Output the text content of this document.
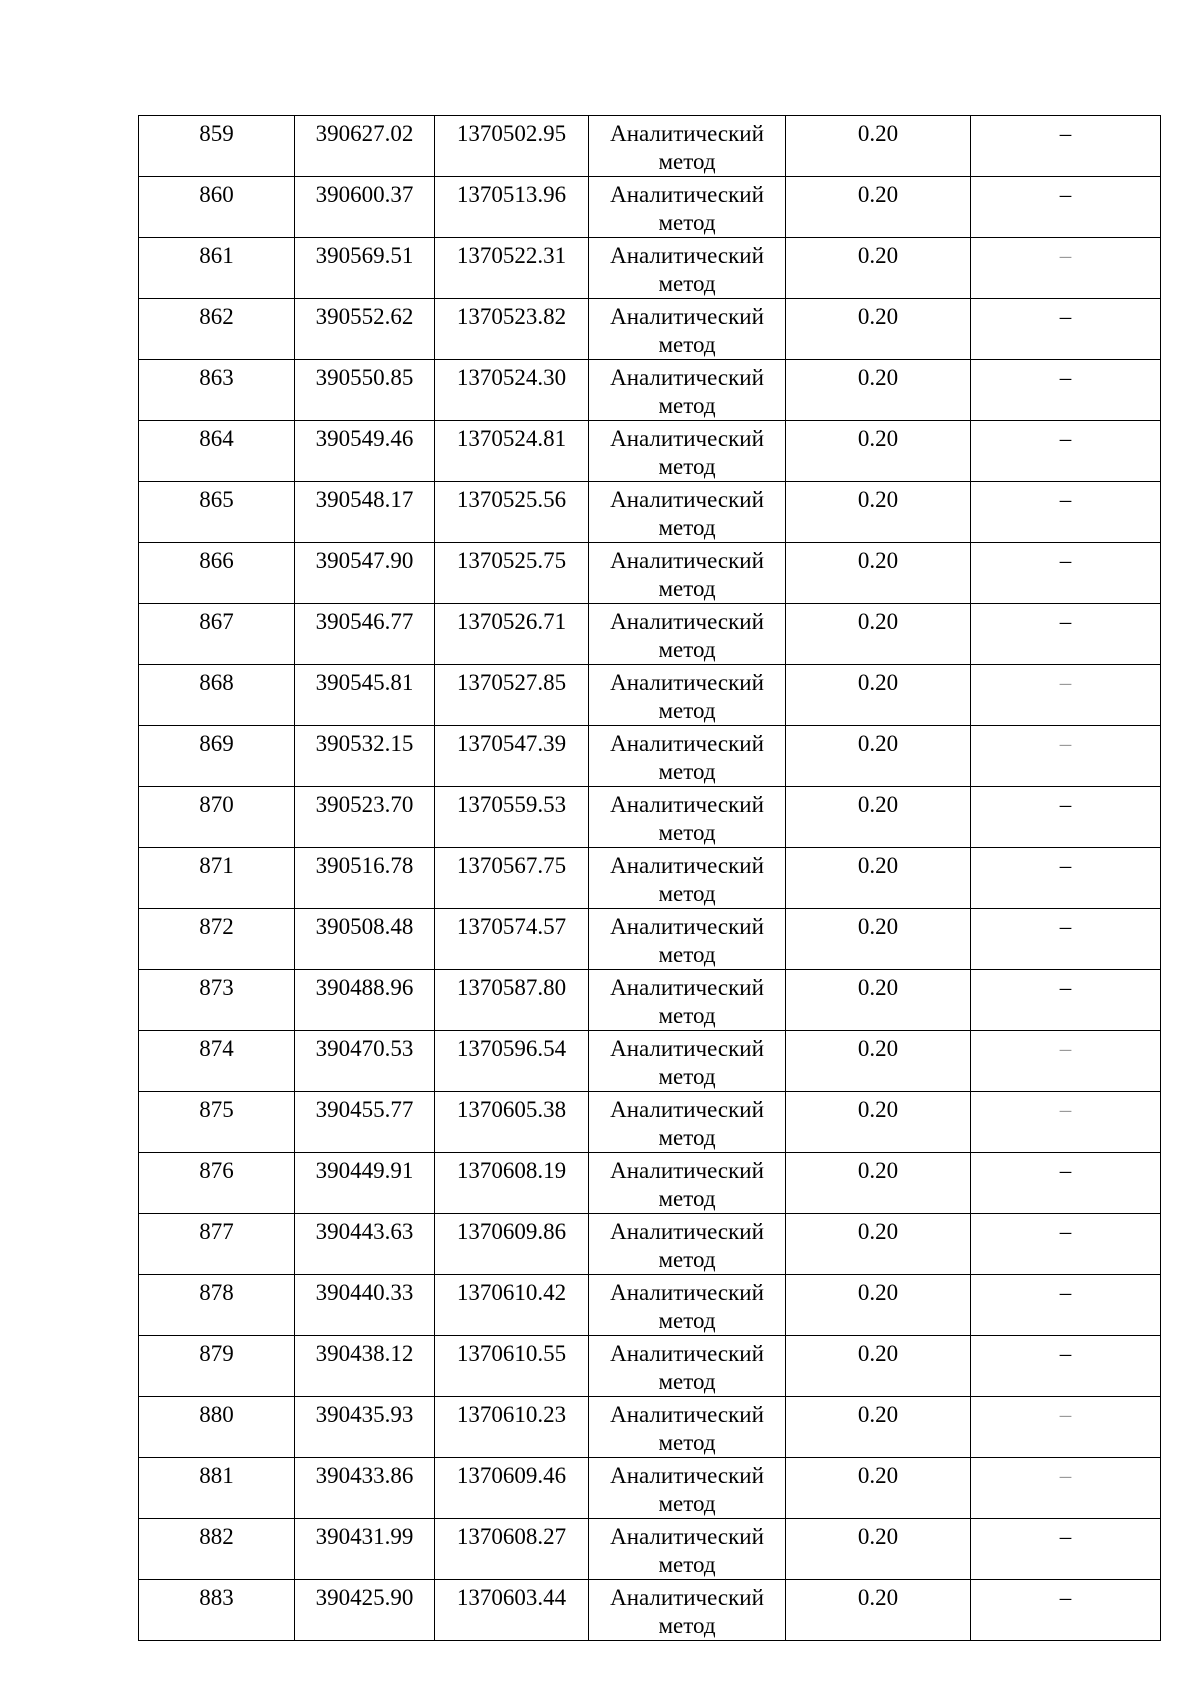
859	390627.02	1370502.95	Аналитический
метод	0.20	–
860	390600.37	1370513.96	Аналитический
метод	0.20	–
861	390569.51	1370522.31	Аналитический
метод	0.20	–
862	390552.62	1370523.82	Аналитический
метод	0.20	–
863	390550.85	1370524.30	Аналитический
метод	0.20	–
864	390549.46	1370524.81	Аналитический
метод	0.20	–
865	390548.17	1370525.56	Аналитический
метод	0.20	–
866	390547.90	1370525.75	Аналитический
метод	0.20	–
867	390546.77	1370526.71	Аналитический
метод	0.20	–
868	390545.81	1370527.85	Аналитический
метод	0.20	–
869	390532.15	1370547.39	Аналитический
метод	0.20	–
870	390523.70	1370559.53	Аналитический
метод	0.20	–
871	390516.78	1370567.75	Аналитический
метод	0.20	–
872	390508.48	1370574.57	Аналитический
метод	0.20	–
873	390488.96	1370587.80	Аналитический
метод	0.20	–
874	390470.53	1370596.54	Аналитический
метод	0.20	–
875	390455.77	1370605.38	Аналитический
метод	0.20	–
876	390449.91	1370608.19	Аналитический
метод	0.20	–
877	390443.63	1370609.86	Аналитический
метод	0.20	–
878	390440.33	1370610.42	Аналитический
метод	0.20	–
879	390438.12	1370610.55	Аналитический
метод	0.20	–
880	390435.93	1370610.23	Аналитический
метод	0.20	–
881	390433.86	1370609.46	Аналитический
метод	0.20	–
882	390431.99	1370608.27	Аналитический
метод	0.20	–
883	390425.90	1370603.44	Аналитический
метод	0.20	–
